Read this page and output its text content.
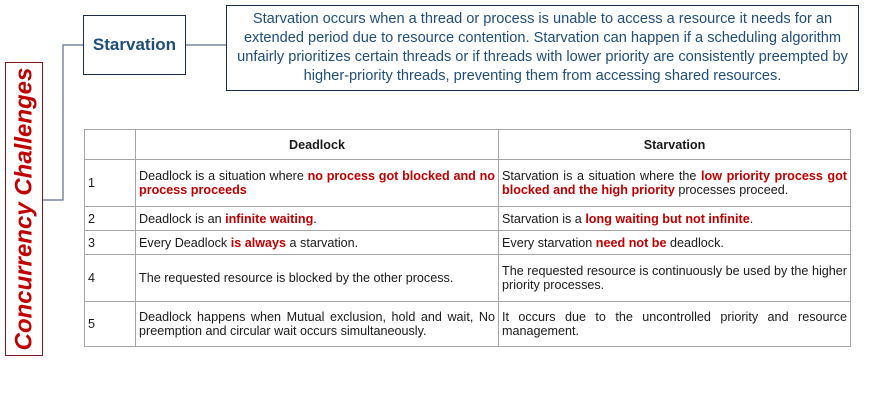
Concurrency Challenges
Starvation
Starvation occurs when a thread or process is unable to access a resource it needs for an extended period due to resource contention. Starvation can happen if a scheduling algorithm unfairly prioritizes certain threads or if threads with lower priority are consistently preempted by higher-priority threads, preventing them from accessing shared resources.
	Deadlock	Starvation
1	Deadlock is a situation where no process got blocked and no process proceeds	Starvation is a situation where the low priority process got blocked and the high priority processes proceed.
2	Deadlock is an infinite waiting.	Starvation is a long waiting but not infinite.
3	Every Deadlock is always a starvation.	Every starvation need not be deadlock.
4	The requested resource is blocked by the other process.	The requested resource is continuously be used by the higher priority processes.
5	Deadlock happens when Mutual exclusion, hold and wait, No preemption and circular wait occurs simultaneously.	It occurs due to the uncontrolled priority and resource management.
